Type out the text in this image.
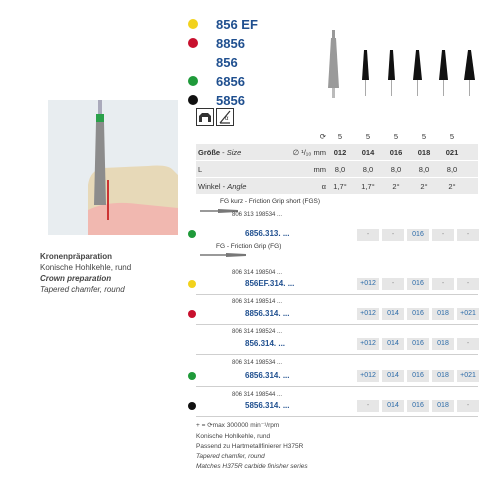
856 EF
8856
856
6856
5856
α
⟳	5	5	5	5	5
Größe - Size	∅ ¹/₁₀ mm	012	014	016	018	021
L	mm	8,0	8,0	8,0	8,0	8,0
Winkel - Angle	α 1,7°	1,7°	2°	2°	2°
FG kurz - Friction Grip short (FGS)
806 313 198534 ...
6856.313. ...	-	-	016	-	-
FG - Friction Grip (FG)
806 314 198504 ...
856EF.314. ...	+012	-	016	-	-
806 314 198514 ...
8856.314. ...	+012	014	016	018	+021
806 314 198524 ...
856.314. ...	+012	014	016	018	-
806 314 198534 ...
6856.314. ...	+012	014	016	018	+021
806 314 198544 ...
5856.314. ...	-	014	016	018	-
Kronenpräparation
Konische Hohlkehle, rund
Crown preparation
Tapered chamfer, round
+ = ⟳max 300000 min⁻¹/rpm
Konische Hohlkehle, rund
Passend zu Hartmetallfinierer H375R
Tapered chamfer, round
Matches H375R carbide finisher series
